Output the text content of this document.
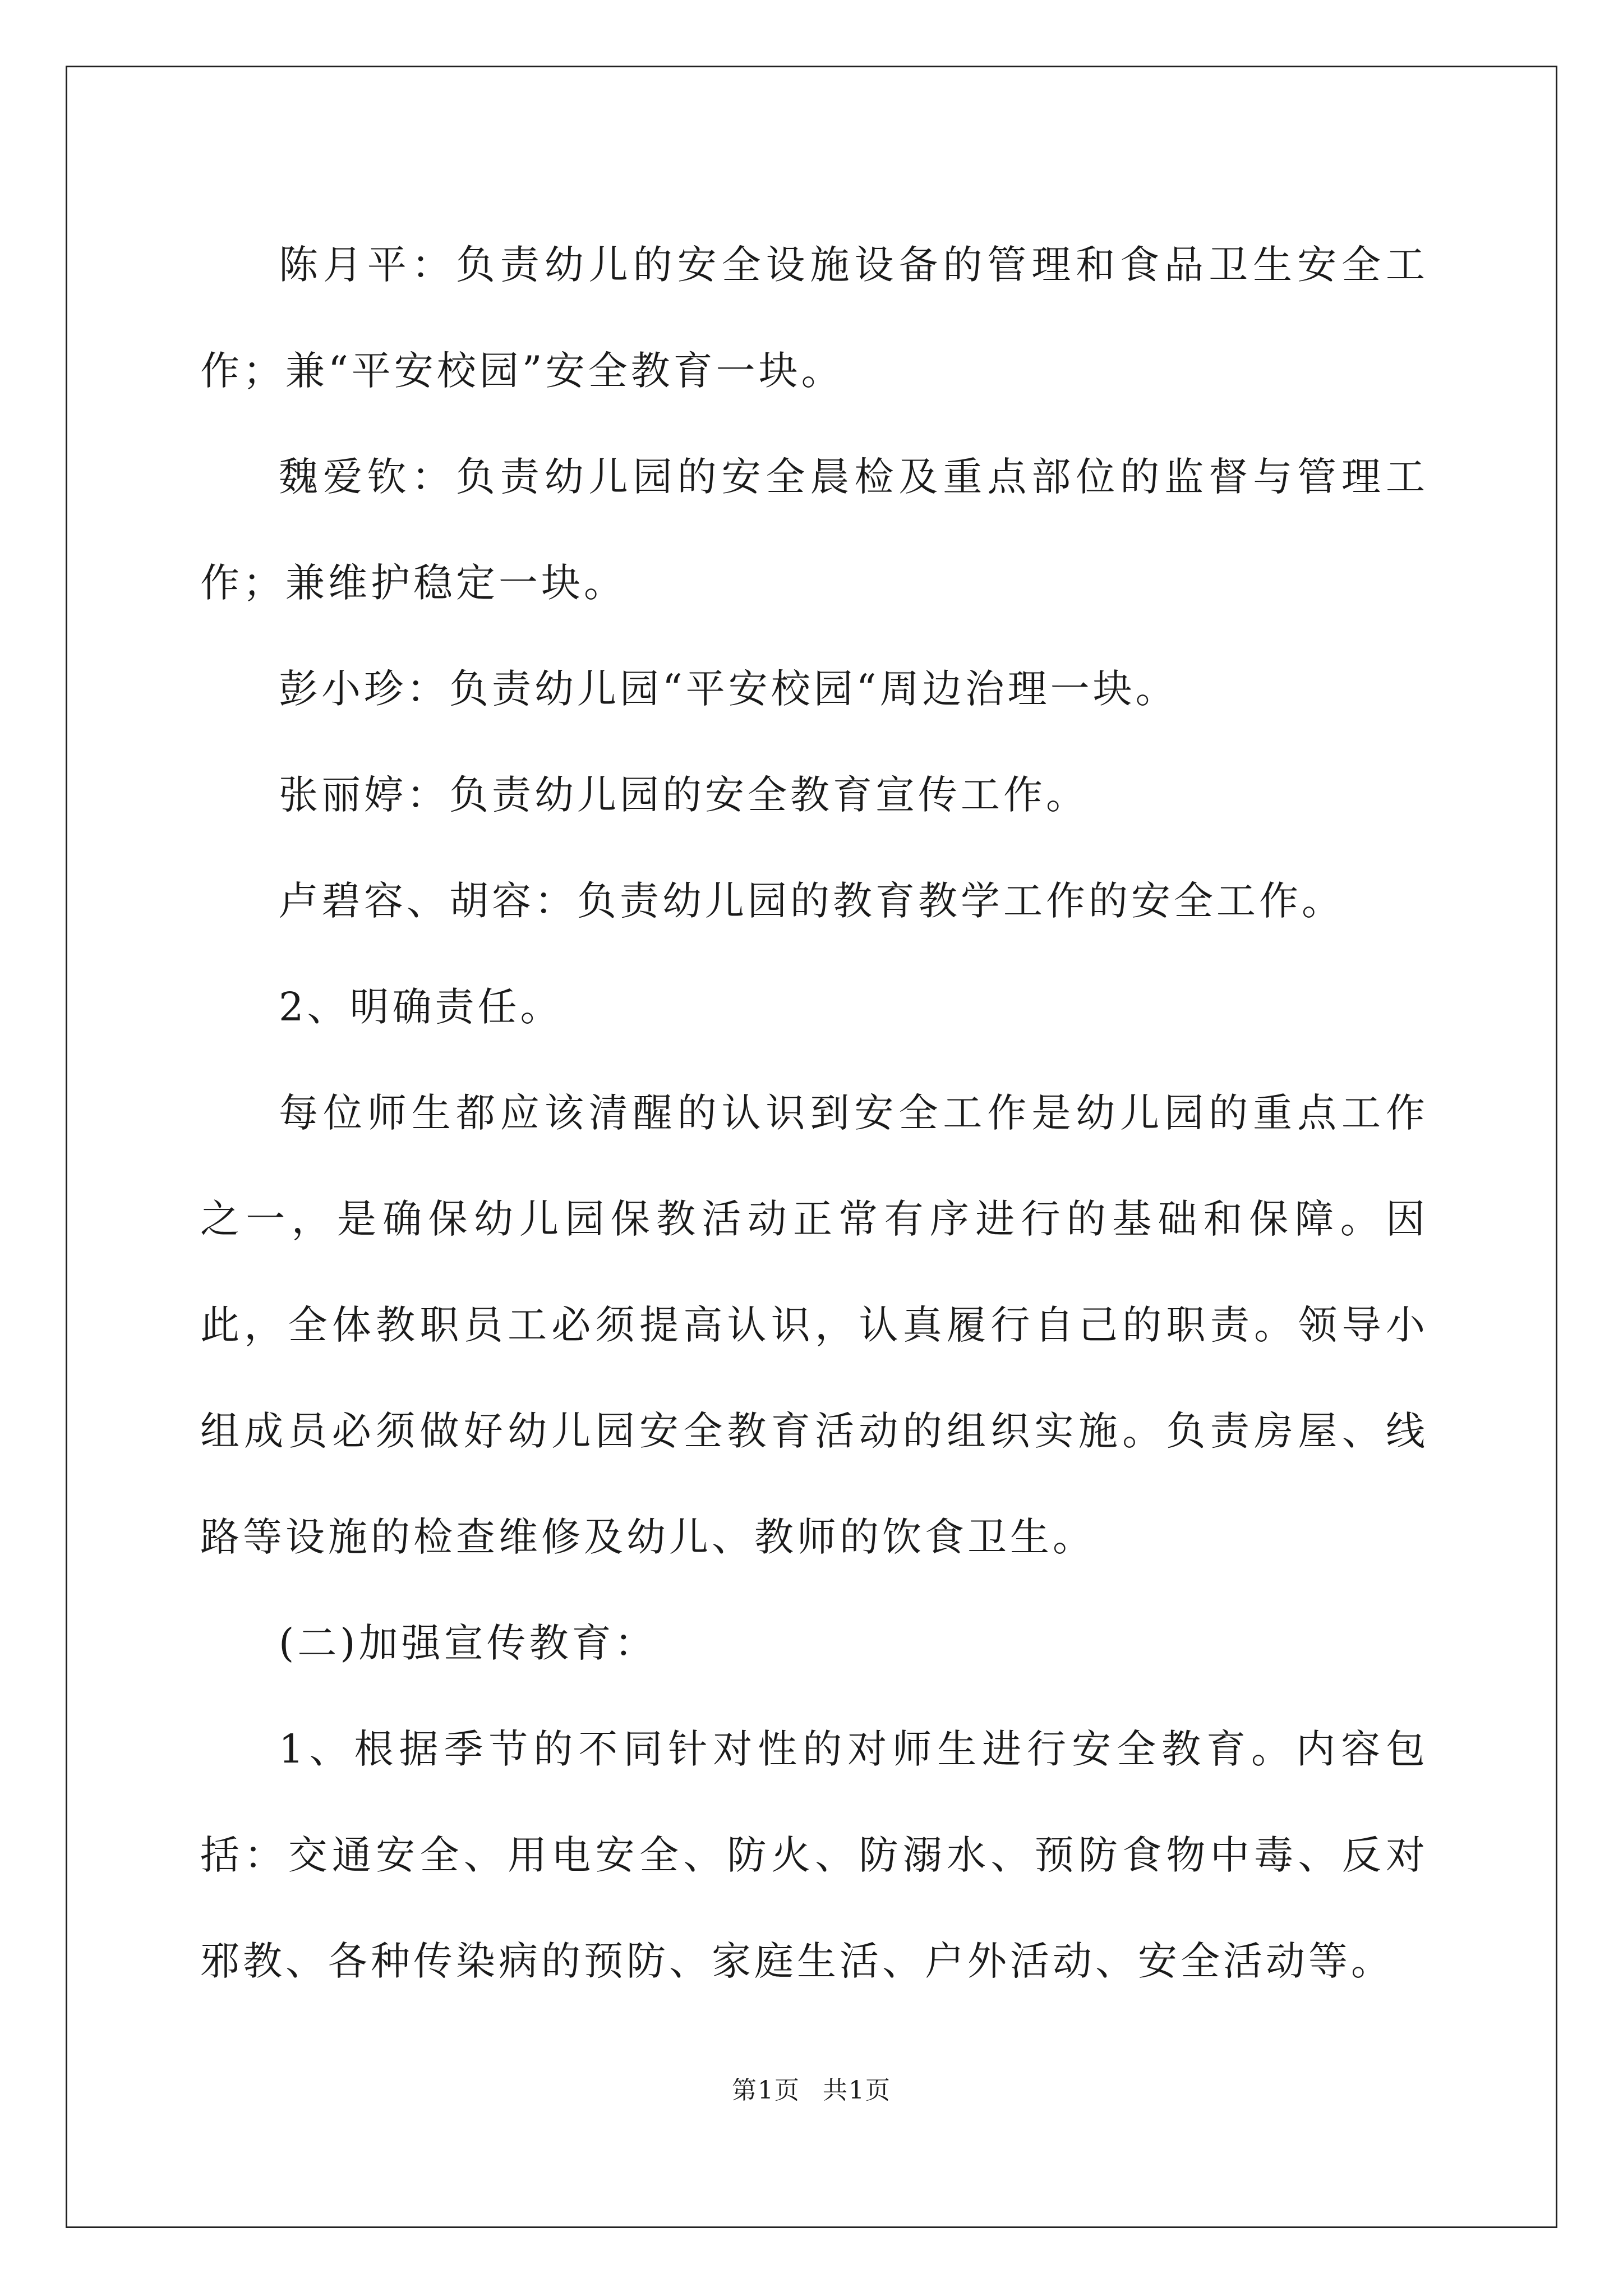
陈月平：负责幼儿的安全设施设备的管理和食品卫生安全工作；兼“平安校园”安全教育一块。

魏爱钦：负责幼儿园的安全晨检及重点部位的监督与管理工作；兼维护稳定一块。

彭小珍：负责幼儿园“平安校园“周边治理一块。

张丽婷：负责幼儿园的安全教育宣传工作。

卢碧容、胡容：负责幼儿园的教育教学工作的安全工作。

2、明确责任。

每位师生都应该清醒的认识到安全工作是幼儿园的重点工作之一，是确保幼儿园保教活动正常有序进行的基础和保障。因此，全体教职员工必须提高认识，认真履行自己的职责。领导小组成员必须做好幼儿园安全教育活动的组织实施。负责房屋、线路等设施的检查维修及幼儿、教师的饮食卫生。

(二)加强宣传教育：

1、根据季节的不同针对性的对师生进行安全教育。内容包括：交通安全、用电安全、防火、防溺水、预防食物中毒、反对邪教、各种传染病的预防、家庭生活、户外活动、安全活动等。

第1页 共1页
